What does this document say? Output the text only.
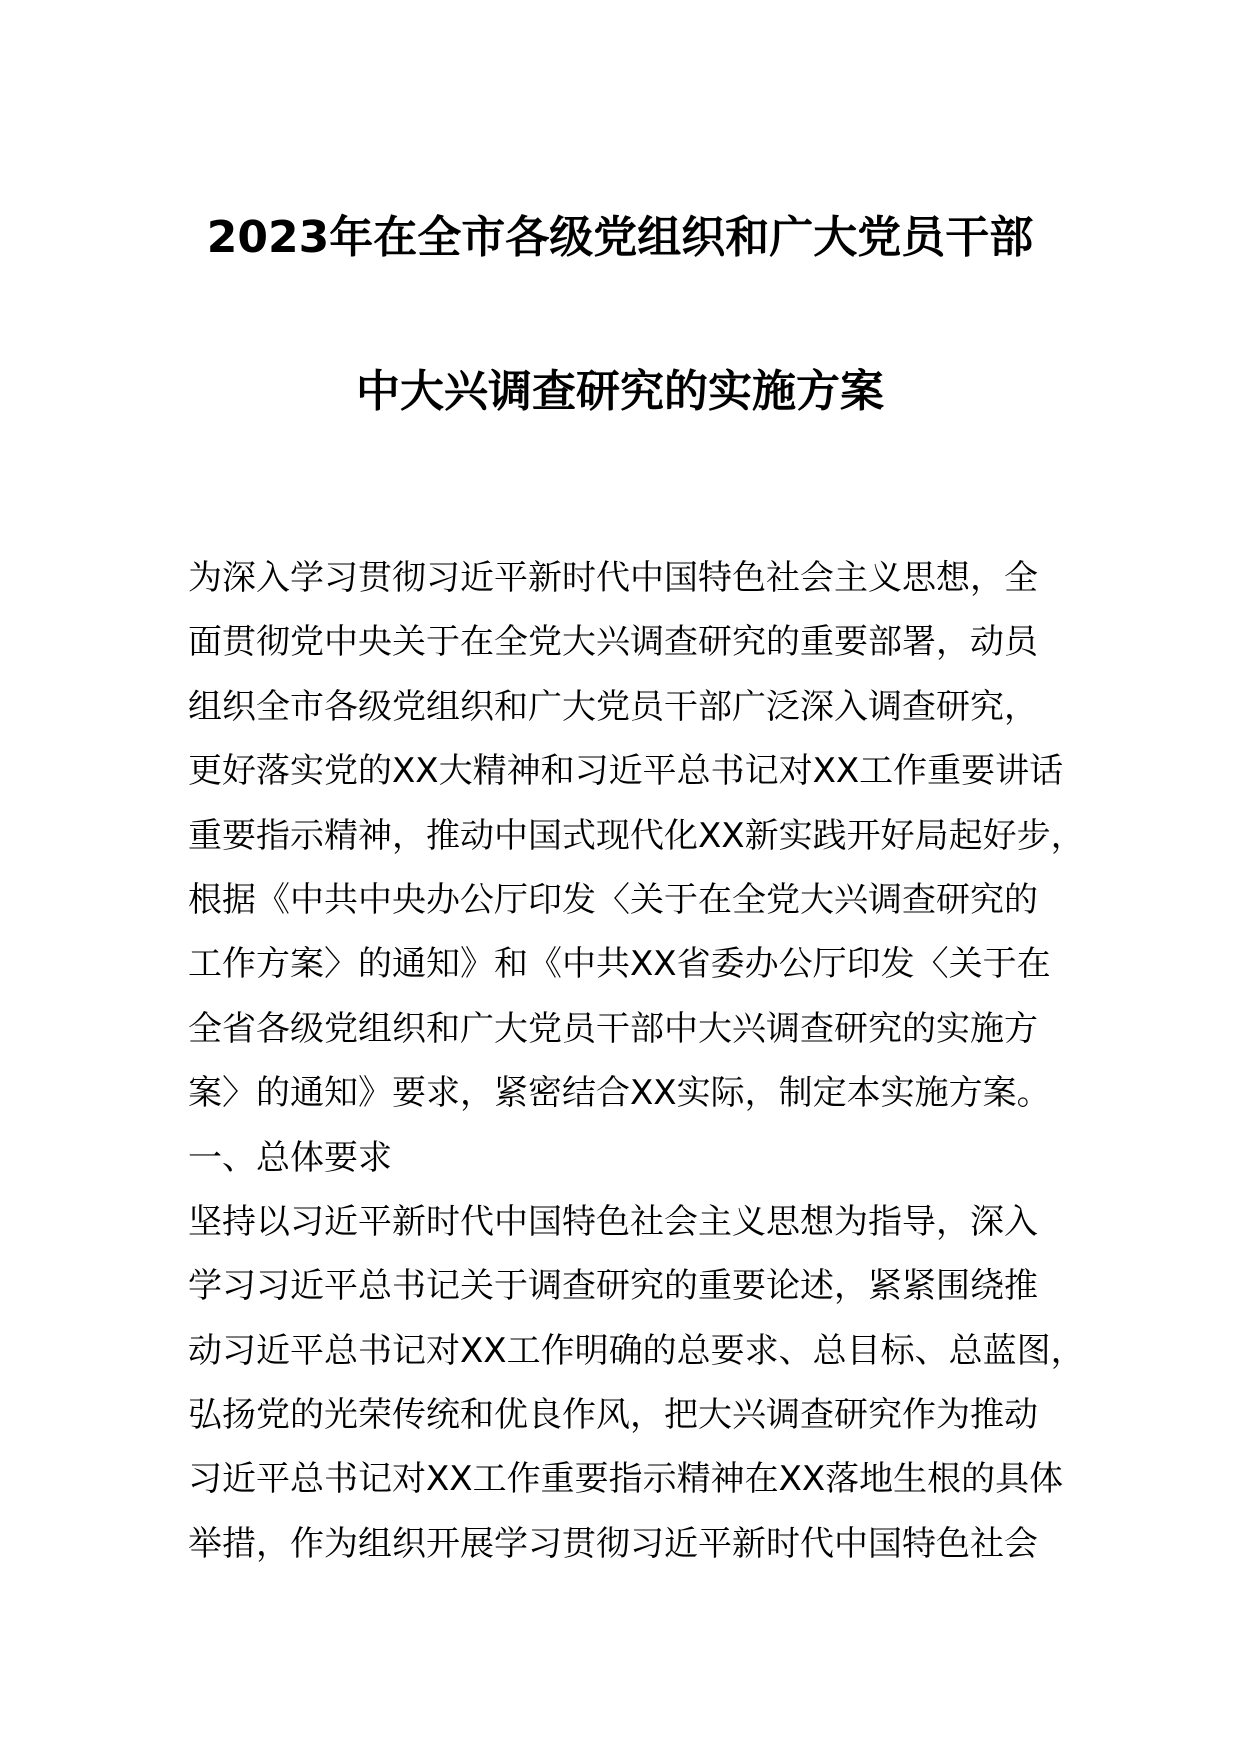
2023年在全市各级党组织和广大党员干部
中大兴调查研究的实施方案
为深入学习贯彻习近平新时代中国特色社会主义思想，全
面贯彻党中央关于在全党大兴调查研究的重要部署，动员
组织全市各级党组织和广大党员干部广泛深入调查研究，
更好落实党的XX大精神和习近平总书记对XX工作重要讲话
重要指示精神，推动中国式现代化XX新实践开好局起好步，
根据《中共中央办公厅印发〈关于在全党大兴调查研究的
工作方案〉的通知》和《中共XX省委办公厅印发〈关于在
全省各级党组织和广大党员干部中大兴调查研究的实施方
案〉的通知》要求，紧密结合XX实际，制定本实施方案。
一、总体要求
坚持以习近平新时代中国特色社会主义思想为指导，深入
学习习近平总书记关于调查研究的重要论述，紧紧围绕推
动习近平总书记对XX工作明确的总要求、总目标、总蓝图，
弘扬党的光荣传统和优良作风，把大兴调查研究作为推动
习近平总书记对XX工作重要指示精神在XX落地生根的具体
举措，作为组织开展学习贯彻习近平新时代中国特色社会
